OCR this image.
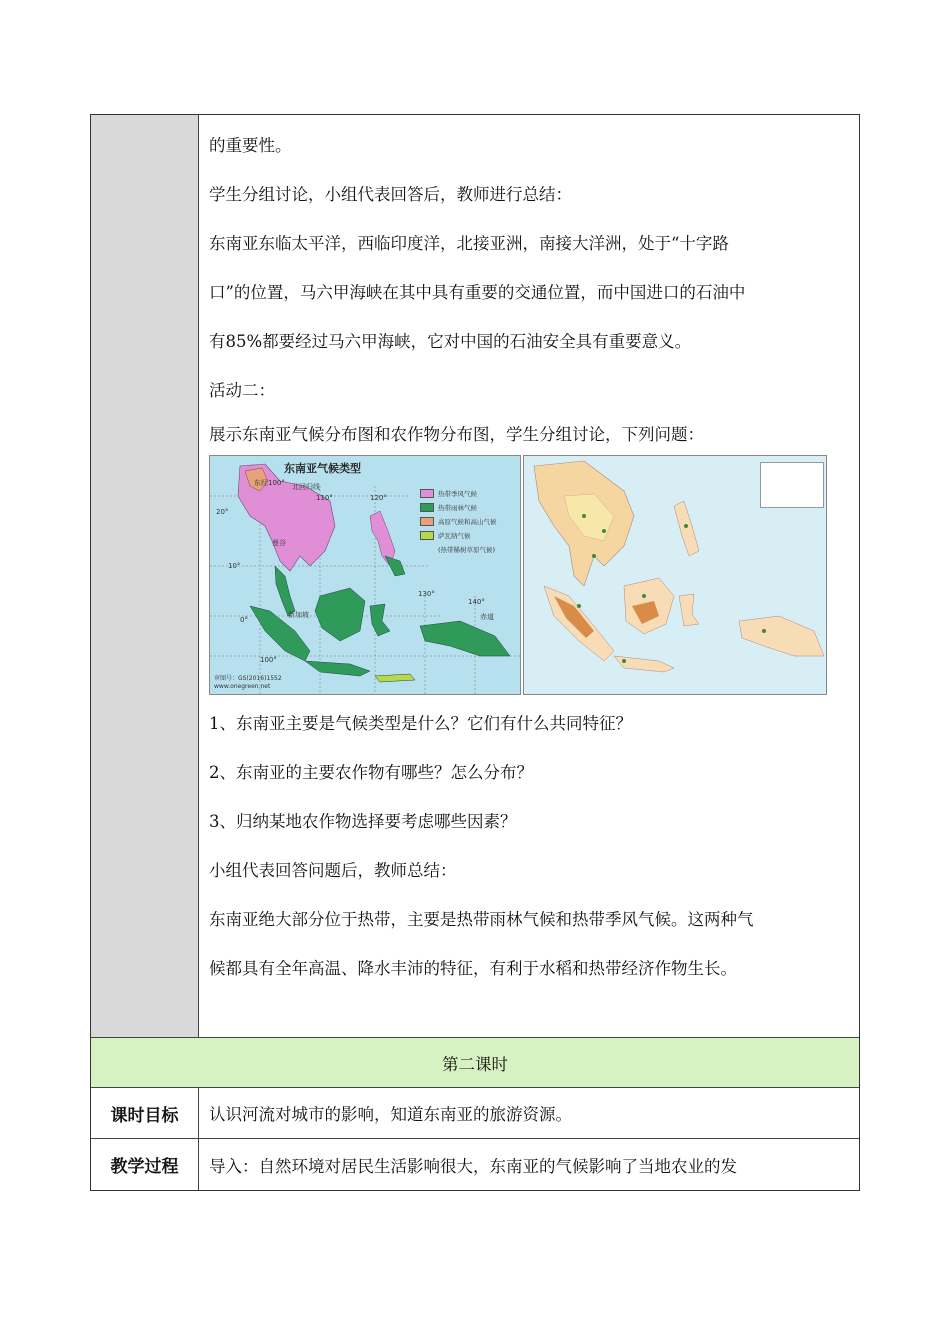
的重要性。

学生分组讨论，小组代表回答后，教师进行总结：

东南亚东临太平洋，西临印度洋，北接亚洲，南接大洋洲，处于“十字路

口”的位置，马六甲海峡在其中具有重要的交通位置，而中国进口的石油中

有85%都要经过马六甲海峡，它对中国的石油安全具有重要意义。

活动二：

展示东南亚气候分布图和农作物分布图，学生分组讨论，下列问题：

东南亚气候类型
热带季风气候
热带雨林气候
高原气候和高山气候
萨瓦纳气候
(热带稀树草原气候)
东经100° 北回归线
110°	120°
20°
曼谷
10°
新加坡	赤道
0°
130°
140°
100°
审图号：GS(2016)1552
www.onegreen.net

1、东南亚主要是气候类型是什么？它们有什么共同特征？

2、东南亚的主要农作物有哪些？怎么分布？

3、归纳某地农作物选择要考虑哪些因素？

小组代表回答问题后，教师总结：

东南亚绝大部分位于热带，主要是热带雨林气候和热带季风气候。这两种气

候都具有全年高温、降水丰沛的特征，有利于水稻和热带经济作物生长。

第二课时
课时目标	认识河流对城市的影响，知道东南亚的旅游资源。
教学过程	导入：自然环境对居民生活影响很大，东南亚的气候影响了当地农业的发
